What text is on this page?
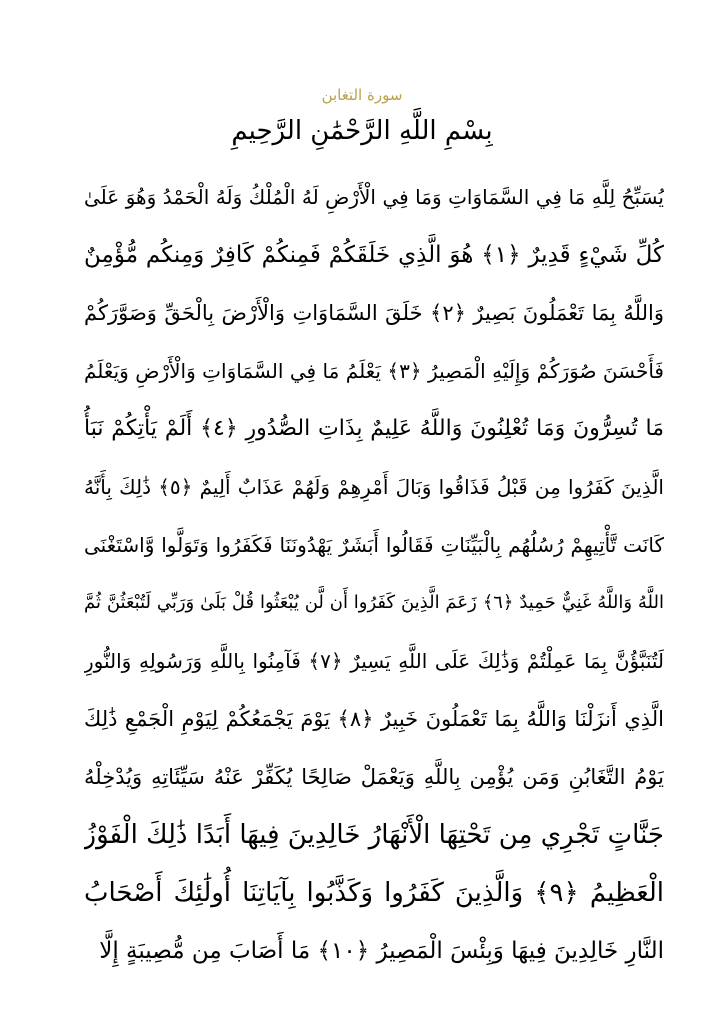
سورة التغابن
بِسْمِ اللَّهِ الرَّحْمَٰنِ الرَّحِيمِ
يُسَبِّحُ لِلَّهِ مَا فِي السَّمَاوَاتِ وَمَا فِي الْأَرْضِ لَهُ الْمُلْكُ وَلَهُ الْحَمْدُ وَهُوَ عَلَىٰ
كُلِّ شَيْءٍ قَدِيرٌ ﴿١﴾ هُوَ الَّذِي خَلَقَكُمْ فَمِنكُمْ كَافِرٌ وَمِنكُم مُّؤْمِنٌ
وَاللَّهُ بِمَا تَعْمَلُونَ بَصِيرٌ ﴿٢﴾ خَلَقَ السَّمَاوَاتِ وَالْأَرْضَ بِالْحَقِّ وَصَوَّرَكُمْ
فَأَحْسَنَ صُوَرَكُمْ وَإِلَيْهِ الْمَصِيرُ ﴿٣﴾ يَعْلَمُ مَا فِي السَّمَاوَاتِ وَالْأَرْضِ وَيَعْلَمُ
مَا تُسِرُّونَ وَمَا تُعْلِنُونَ وَاللَّهُ عَلِيمٌ بِذَاتِ الصُّدُورِ ﴿٤﴾ أَلَمْ يَأْتِكُمْ نَبَأُ
الَّذِينَ كَفَرُوا مِن قَبْلُ فَذَاقُوا وَبَالَ أَمْرِهِمْ وَلَهُمْ عَذَابٌ أَلِيمٌ ﴿٥﴾ ذَٰلِكَ بِأَنَّهُ
كَانَت تَّأْتِيهِمْ رُسُلُهُم بِالْبَيِّنَاتِ فَقَالُوا أَبَشَرٌ يَهْدُونَنَا فَكَفَرُوا وَتَوَلَّوا وَّاسْتَغْنَى
اللَّهُ وَاللَّهُ غَنِيٌّ حَمِيدٌ ﴿٦﴾ زَعَمَ الَّذِينَ كَفَرُوا أَن لَّن يُبْعَثُوا قُلْ بَلَىٰ وَرَبِّي لَتُبْعَثُنَّ ثُمَّ
لَتُنَبَّؤُنَّ بِمَا عَمِلْتُمْ وَذَٰلِكَ عَلَى اللَّهِ يَسِيرٌ ﴿٧﴾ فَآمِنُوا بِاللَّهِ وَرَسُولِهِ وَالنُّورِ
الَّذِي أَنزَلْنَا وَاللَّهُ بِمَا تَعْمَلُونَ خَبِيرٌ ﴿٨﴾ يَوْمَ يَجْمَعُكُمْ لِيَوْمِ الْجَمْعِ ذَٰلِكَ
يَوْمُ التَّغَابُنِ وَمَن يُؤْمِن بِاللَّهِ وَيَعْمَلْ صَالِحًا يُكَفِّرْ عَنْهُ سَيِّئَاتِهِ وَيُدْخِلْهُ
جَنَّاتٍ تَجْرِي مِن تَحْتِهَا الْأَنْهَارُ خَالِدِينَ فِيهَا أَبَدًا ذَٰلِكَ الْفَوْزُ
الْعَظِيمُ ﴿٩﴾ وَالَّذِينَ كَفَرُوا وَكَذَّبُوا بِآيَاتِنَا أُولَٰئِكَ أَصْحَابُ
النَّارِ خَالِدِينَ فِيهَا وَبِئْسَ الْمَصِيرُ ﴿١٠﴾ مَا أَصَابَ مِن مُّصِيبَةٍ إِلَّا
